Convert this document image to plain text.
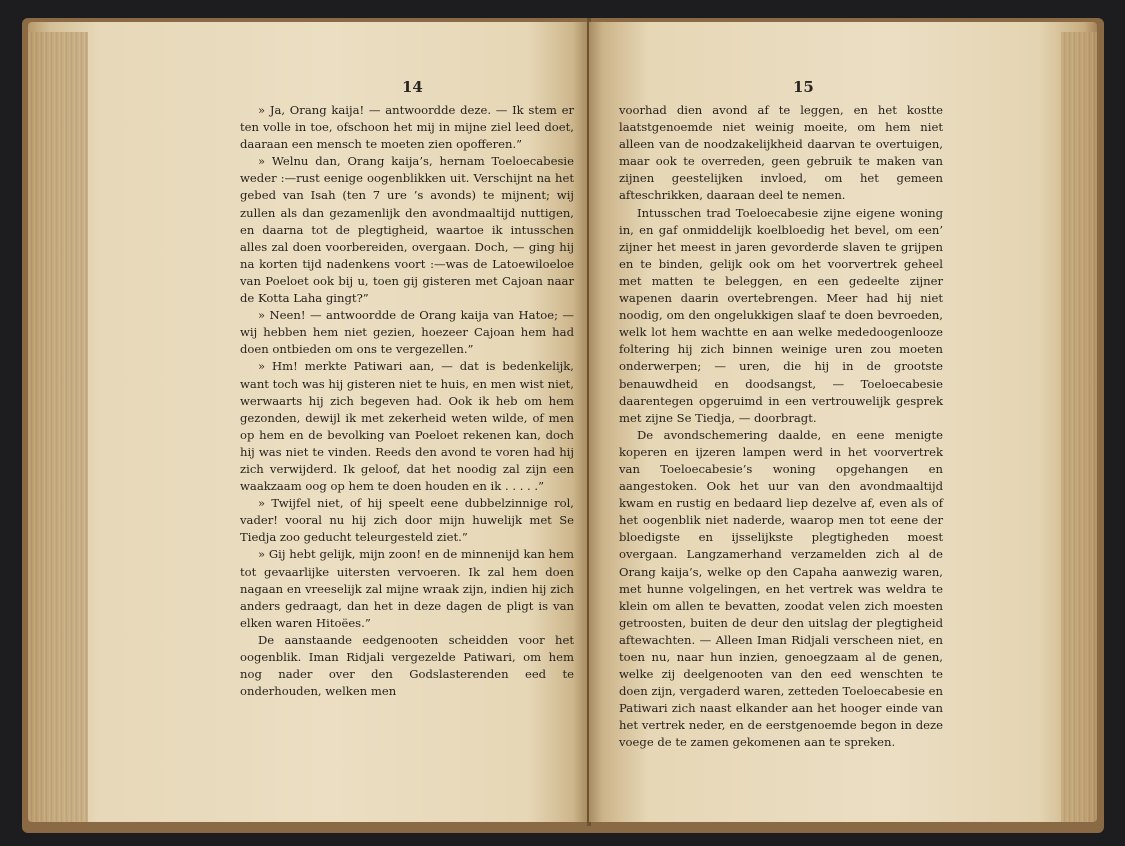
14

» Ja, Orang kaija! — antwoordde deze. — Ik stem er ten volle in toe, ofschoon het mij in mijne ziel leed doet, daaraan een mensch te moeten zien opofferen.”

» Welnu dan, Orang kaija’s, hernam Toeloecabesie weder :—rust eenige oogenblikken uit. Verschijnt na het gebed van Isah (ten 7 ure ’s avonds) te mijnent; wij zullen als dan gezamenlijk den avondmaaltijd nuttigen, en daarna tot de plegtigheid, waartoe ik intusschen alles zal doen voorbereiden, overgaan. Doch, — ging hij na korten tijd nadenkens voort :—was de Latoewiloeloe van Poeloet ook bij u, toen gij gisteren met Cajoan naar de Kotta Laha gingt?”

» Neen! — antwoordde de Orang kaija van Hatoe; — wij hebben hem niet gezien, hoezeer Cajoan hem had doen ontbieden om ons te vergezellen.”

» Hm! merkte Patiwari aan, — dat is bedenkelijk, want toch was hij gisteren niet te huis, en men wist niet, werwaarts hij zich begeven had. Ook ik heb om hem gezonden, dewijl ik met zekerheid weten wilde, of men op hem en de bevolking van Poeloet rekenen kan, doch hij was niet te vinden. Reeds den avond te voren had hij zich verwijderd. Ik geloof, dat het noodig zal zijn een waakzaam oog op hem te doen houden en ik . . . . .”

» Twijfel niet, of hij speelt eene dubbelzinnige rol, vader! vooral nu hij zich door mijn huwelijk met Se Tiedja zoo geducht teleurgesteld ziet.”

» Gij hebt gelijk, mijn zoon! en de minnenijd kan hem tot gevaarlijke uitersten vervoeren. Ik zal hem doen nagaan en vreeselijk zal mijne wraak zijn, indien hij zich anders gedraagt, dan het in deze dagen de pligt is van elken waren Hitoëes.”

De aanstaande eedgenooten scheidden voor het oogenblik. Iman Ridjali vergezelde Patiwari, om hem nog nader over den Godslasterenden eed te onderhouden, welken men

15

voorhad dien avond af te leggen, en het kostte laatstgenoemde niet weinig moeite, om hem niet alleen van de noodzakelijkheid daarvan te overtuigen, maar ook te overreden, geen gebruik te maken van zijnen geestelijken invloed, om het gemeen afteschrikken, daaraan deel te nemen.

Intusschen trad Toeloecabesie zijne eigene woning in, en gaf onmiddelijk koelbloedig het bevel, om een’ zijner het meest in jaren gevorderde slaven te grijpen en te binden, gelijk ook om het voorvertrek geheel met matten te beleggen, en een gedeelte zijner wapenen daarin overtebrengen. Meer had hij niet noodig, om den ongelukkigen slaaf te doen bevroeden, welk lot hem wachtte en aan welke mededoogenlooze foltering hij zich binnen weinige uren zou moeten onderwerpen; — uren, die hij in de grootste benauwdheid en doodsangst, — Toeloecabesie daarentegen opgeruimd in een vertrouwelijk gesprek met zijne Se Tiedja, — doorbragt.

De avondschemering daalde, en eene menigte koperen en ijzeren lampen werd in het voorvertrek van Toeloecabesie’s woning opgehangen en aangestoken. Ook het uur van den avondmaaltijd kwam en rustig en bedaard liep dezelve af, even als of het oogenblik niet naderde, waarop men tot eene der bloedigste en ijsselijkste plegtigheden moest overgaan. Langzamerhand verzamelden zich al de Orang kaija’s, welke op den Capaha aanwezig waren, met hunne volgelingen, en het vertrek was weldra te klein om allen te bevatten, zoodat velen zich moesten getroosten, buiten de deur den uitslag der plegtigheid aftewachten. — Alleen Iman Ridjali verscheen niet, en toen nu, naar hun inzien, genoegzaam al de genen, welke zij deelgenooten van den eed wenschten te doen zijn, vergaderd waren, zetteden Toeloecabesie en Patiwari zich naast elkander aan het hooger einde van het vertrek neder, en de eerstgenoemde begon in deze voege de te zamen gekomenen aan te spreken.
